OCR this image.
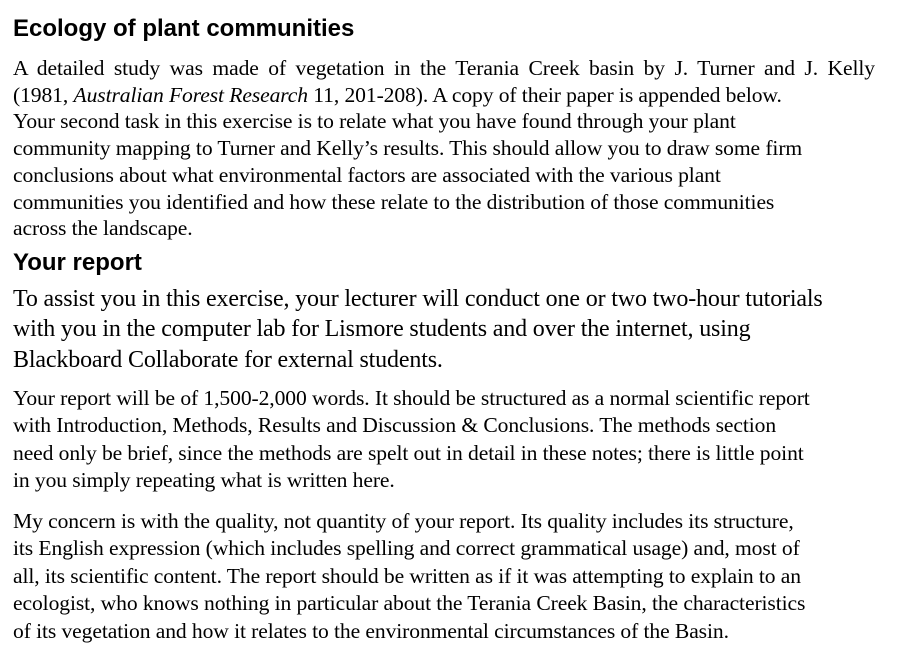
Ecology of plant communities

A detailed study was made of vegetation in the Terania Creek basin by J. Turner and J. Kelly
(1981, Australian Forest Research 11, 201-208). A copy of their paper is appended below.
Your second task in this exercise is to relate what you have found through your plant
community mapping to Turner and Kelly’s results. This should allow you to draw some firm
conclusions about what environmental factors are associated with the various plant
communities you identified and how these relate to the distribution of those communities
across the landscape.

Your report

To assist you in this exercise, your lecturer will conduct one or two two-hour tutorials
with you in the computer lab for Lismore students and over the internet, using
Blackboard Collaborate for external students.

Your report will be of 1,500-2,000 words. It should be structured as a normal scientific report
with Introduction, Methods, Results and Discussion & Conclusions. The methods section
need only be brief, since the methods are spelt out in detail in these notes; there is little point
in you simply repeating what is written here.

My concern is with the quality, not quantity of your report. Its quality includes its structure,
its English expression (which includes spelling and correct grammatical usage) and, most of
all, its scientific content. The report should be written as if it was attempting to explain to an
ecologist, who knows nothing in particular about the Terania Creek Basin, the characteristics
of its vegetation and how it relates to the environmental circumstances of the Basin.
